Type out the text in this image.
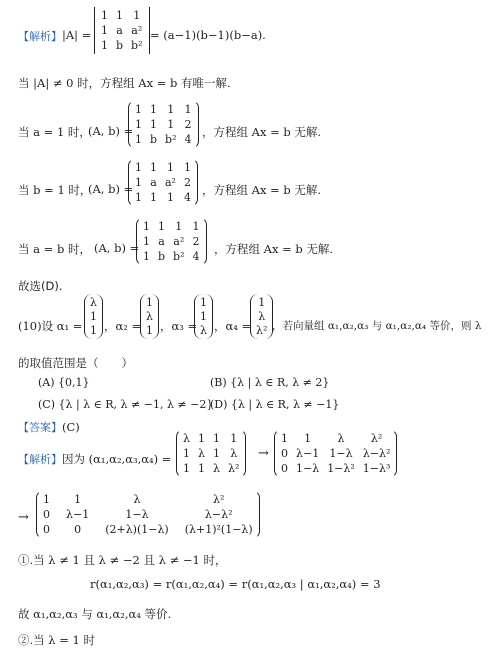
【解析】 |A| =
1 1 1
1 a a²
1 b b²
= (a−1)(b−1)(b−a).
当 |A| ≠ 0 时，方程组 Ax = b 有唯一解.
当 a = 1 时，
(A, b) =
1 1 1 1
1 1 1 2
1 b b² 4
，方程组 Ax = b 无解.
当 b = 1 时，
(A, b) =
1 1 1 1
1 a a² 2
1 1 1 4
，方程组 Ax = b 无解.
当 a = b 时， (A, b) =
1 1 1 1
1 a a² 2
1 b b² 4
，方程组 Ax = b 无解.
故选(D).
(10)设 α₁ =
λ
1
1 ，α₂ =
1
λ
1 ，α₃ =
1
1
λ ，α₄ =
1
λ
λ² ，若向量组 α₁,α₂,α₃ 与 α₁,α₂,α₄ 等价，则 λ
的取值范围是（　　）
(A) {0,1}	(B) {λ | λ ∈ R, λ ≠ 2}
(C) {λ | λ ∈ R, λ ≠ −1, λ ≠ −2}
(D) {λ | λ ∈ R, λ ≠ −1}
【答案】(C)
【解析】 因为 (α₁,α₂,α₃,α₄) =
λ 1 1 1
1 λ 1 λ
1 1 λ λ²
→
1	1	λ	λ²
0 λ−1 1−λ λ−λ²
0 1−λ 1−λ² 1−λ³
→
1	1	λ	λ²
0 λ−1	1−λ	λ−λ²
0	0	(2+λ)(1−λ) (λ+1)²(1−λ)
①.当 λ ≠ 1 且 λ ≠ −2 且 λ ≠ −1 时，
r(α₁,α₂,α₃) = r(α₁,α₂,α₄) = r(α₁,α₂,α₃ | α₁,α₂,α₄) = 3
故 α₁,α₂,α₃ 与 α₁,α₂,α₄ 等价.
②.当 λ = 1 时
